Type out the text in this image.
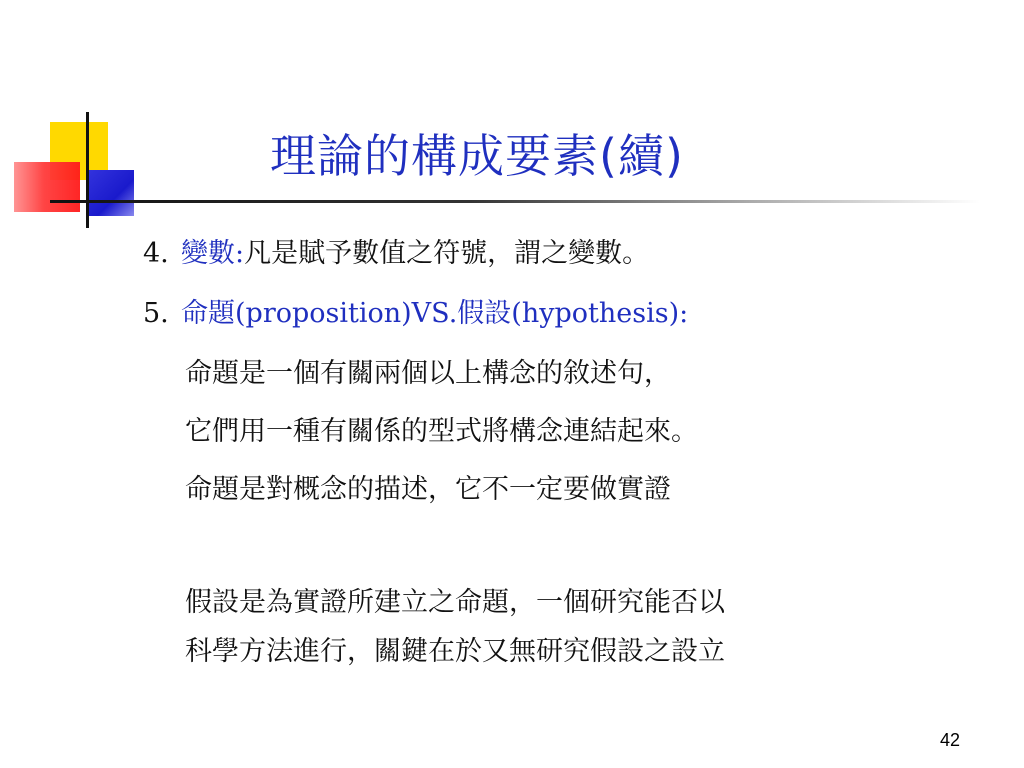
理論的構成要素(續)
4. 變數:凡是賦予數值之符號，謂之變數。
5. 命題(proposition)VS.假設(hypothesis):
命題是一個有關兩個以上構念的敘述句，
它們用一種有關係的型式將構念連結起來。
命題是對概念的描述，它不一定要做實證
假設是為實證所建立之命題，一個研究能否以
科學方法進行，關鍵在於又無研究假設之設立
42
